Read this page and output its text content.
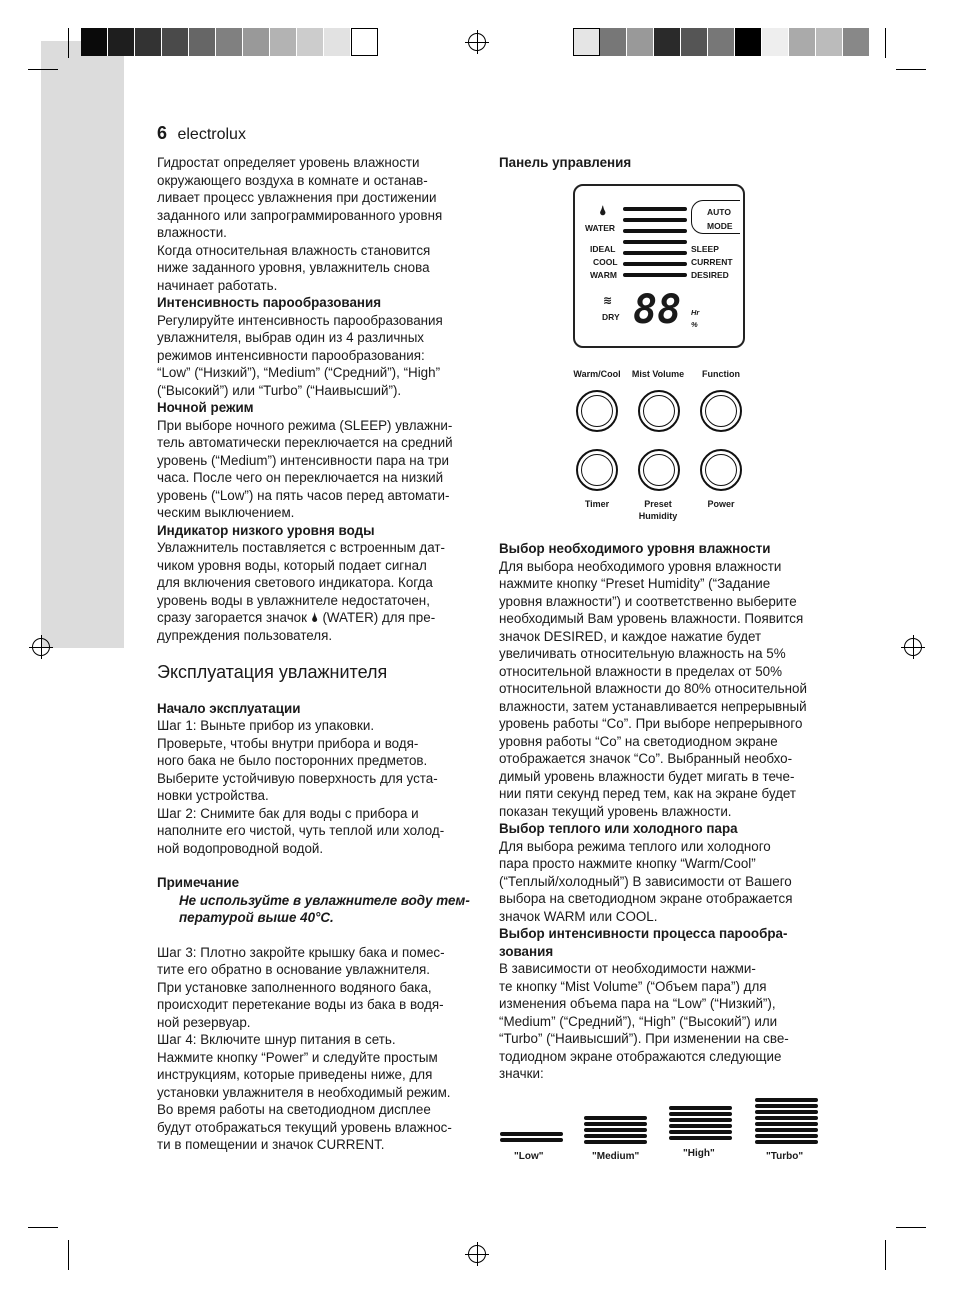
6 electrolux

Гидростат определяет уровень влажности

окружающего воздуха в комнате и останав-

ливает процесс увлажнения при достижении

заданного или запрограммированного уровня

влажности.

Когда относительная влажность становится

ниже заданного уровня, увлажнитель снова

начинает работать.

Интенсивность парообразования

Регулируйте интенсивность парообразования

увлажнителя, выбрав один из 4 различных

режимов интенсивности парообразования:

“Low” (“Низкий”), “Medium” (“Средний”), “High”

(“Высокий”) или “Turbo” (“Наивысший”).

Ночной режим

При выборе ночного режима (SLEEP) увлажни-

тель автоматически переключается на средний

уровень (“Medium”) интенсивности пара на три

часа. После чего он переключается на низкий

уровень (“Low”) на пять часов перед автомати-

ческим выключением.

Индикатор низкого уровня воды

Увлажнитель поставляется с встроенным дат-

чиком уровня воды, который подает сигнал

для включения светового индикатора. Когда

уровень воды в увлажнителе недостаточен,

сразу загорается значок 🌢 (WATER) для пре-

дупреждения пользователя.

Эксплуатация увлажнителя

Начало эксплуатации

Шаг 1: Выньте прибор из упаковки.

Проверьте, чтобы внутри прибора и водя-

ного бака не было посторонних предметов.

Выберите устойчивую поверхность для уста-

новки устройства.

Шаг 2: Снимите бак для воды с прибора и

наполните его чистой, чуть теплой или холод-

ной водопроводной водой.

Примечание

Не используйте в увлажнителе воду тем-

пературой выше 40°C.

Шаг 3: Плотно закройте крышку бака и помес-

тите его обратно в основание увлажнителя.

При установке заполненного водяного бака,

происходит перетекание воды из бака в водя-

ной резервуар.

Шаг 4: Включите шнур питания в сеть.

Нажмите кнопку “Power” и следуйте простым

инструкциям, которые приведены ниже, для

установки увлажнителя в необходимый режим.

Во время работы на светодиодном дисплее

будут отображаться текущий уровень влажнос-

ти в помещении и значок CURRENT.

Панель управления
🌢
WATER
AUTO
MODE
IDEAL
COOL
WARM
SLEEP
CURRENT
DESIRED
≋
DRY 88 Hr
%
Warm/Cool	Mist Volume	Function
Timer	Preset
Humidity
Power

Выбор необходимого уровня влажности

Для выбора необходимого уровня влажности

нажмите кнопку “Preset Humidity” (“Задание

уровня влажности”) и соответственно выберите

необходимый Вам уровень влажности. Появится

значок DESIRED, и каждое нажатие будет

увеличивать относительную влажность на 5%

относительной влажности в пределах от 50%

относительной влажности до 80% относительной

влажности, затем устанавливается непрерывный

уровень работы “Co”. При выборе непрерывного

уровня работы “Co” на светодиодном экране

отображается значок “Co”. Выбранный необхо-

димый уровень влажности будет мигать в тече-

нии пяти секунд перед тем, как на экране будет

показан текущий уровень влажности.

Выбор теплого или холодного пара

Для выбора режима теплого или холодного

пара просто нажмите кнопку “Warm/Cool”

(“Теплый/холодный”) В зависимости от Вашего

выбора на светодиодном экране отображается

значок WARM или COOL.

Выбор интенсивности процесса парообра-

зования

В зависимости от необходимости нажми-

те кнопку “Mist Volume” (“Объем пара”) для

изменения объема пара на “Low” (“Низкий”),

“Medium” (“Средний”), “High” (“Высокий”) или

“Turbo” (“Наивысший”). При изменении на све-

тодиодном экране отображаются следующие

значки:

"Low"	"Medium"	"High"	"Turbo"
